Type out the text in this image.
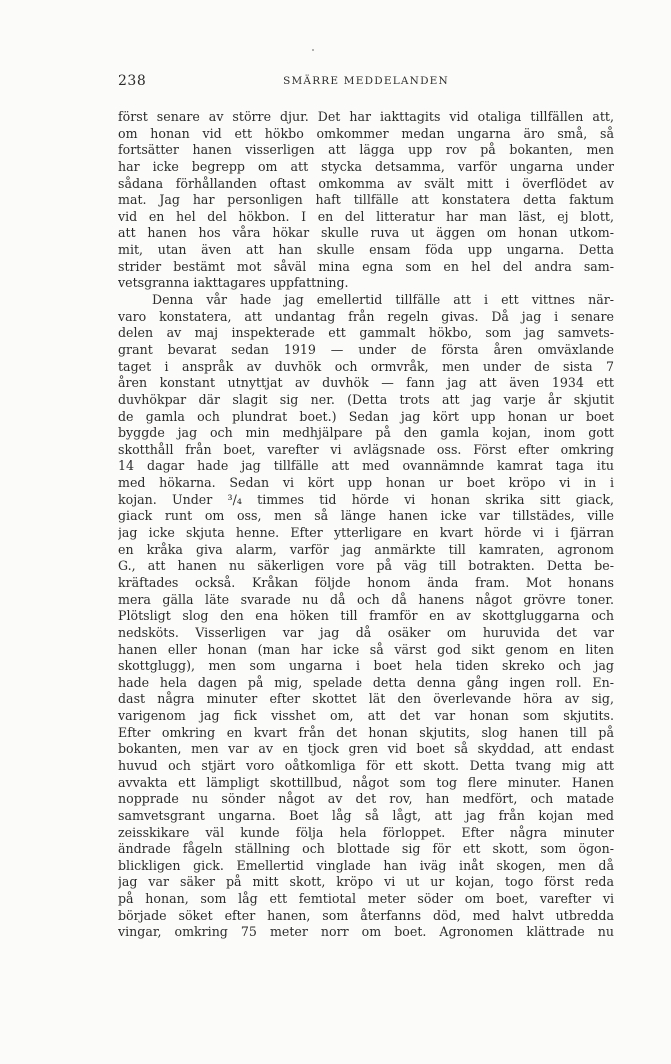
238	SMÄRRE MEDDELANDEN
först senare av större djur. Det har iakttagits vid otaliga tillfällen att,
om honan vid ett hökbo omkommer medan ungarna äro små, så
fortsätter hanen visserligen att lägga upp rov på bokanten, men
har icke begrepp om att stycka detsamma, varför ungarna under
sådana förhållanden oftast omkomma av svält mitt i överflödet av
mat. Jag har personligen haft tillfälle att konstatera detta faktum
vid en hel del hökbon. I en del litteratur har man läst, ej blott,
att hanen hos våra hökar skulle ruva ut äggen om honan utkom-
mit, utan även att han skulle ensam föda upp ungarna. Detta
strider bestämt mot såväl mina egna som en hel del andra sam-
vetsgranna iakttagares uppfattning.
Denna vår hade jag emellertid tillfälle att i ett vittnes när-
varo konstatera, att undantag från regeln givas. Då jag i senare
delen av maj inspekterade ett gammalt hökbo, som jag samvets-
grant bevarat sedan 1919 — under de första åren omväxlande
taget i anspråk av duvhök och ormvråk, men under de sista 7
åren konstant utnyttjat av duvhök — fann jag att även 1934 ett
duvhökpar där slagit sig ner. (Detta trots att jag varje år skjutit
de gamla och plundrat boet.) Sedan jag kört upp honan ur boet
byggde jag och min medhjälpare på den gamla kojan, inom gott
skotthåll från boet, varefter vi avlägsnade oss. Först efter omkring
14 dagar hade jag tillfälle att med ovannämnde kamrat taga itu
med hökarna. Sedan vi kört upp honan ur boet kröpo vi in i
kojan. Under ³/₄ timmes tid hörde vi honan skrika sitt giack,
giack runt om oss, men så länge hanen icke var tillstädes, ville
jag icke skjuta henne. Efter ytterligare en kvart hörde vi i fjärran
en kråka giva alarm, varför jag anmärkte till kamraten, agronom
G., att hanen nu säkerligen vore på väg till botrakten. Detta be-
kräftades också. Kråkan följde honom ända fram. Mot honans
mera gälla läte svarade nu då och då hanens något grövre toner.
Plötsligt slog den ena höken till framför en av skottgluggarna och
nedsköts. Visserligen var jag då osäker om huruvida det var
hanen eller honan (man har icke så värst god sikt genom en liten
skottglugg), men som ungarna i boet hela tiden skreko och jag
hade hela dagen på mig, spelade detta denna gång ingen roll. En-
dast några minuter efter skottet lät den överlevande höra av sig,
varigenom jag fick visshet om, att det var honan som skjutits.
Efter omkring en kvart från det honan skjutits, slog hanen till på
bokanten, men var av en tjock gren vid boet så skyddad, att endast
huvud och stjärt voro oåtkomliga för ett skott. Detta tvang mig att
avvakta ett lämpligt skottillbud, något som tog flere minuter. Hanen
nopprade nu sönder något av det rov, han medfört, och matade
samvetsgrant ungarna. Boet låg så lågt, att jag från kojan med
zeisskikare väl kunde följa hela förloppet. Efter några minuter
ändrade fågeln ställning och blottade sig för ett skott, som ögon-
blickligen gick. Emellertid vinglade han iväg inåt skogen, men då
jag var säker på mitt skott, kröpo vi ut ur kojan, togo först reda
på honan, som låg ett femtiotal meter söder om boet, varefter vi
började söket efter hanen, som återfanns död, med halvt utbredda
vingar, omkring 75 meter norr om boet. Agronomen klättrade nu
